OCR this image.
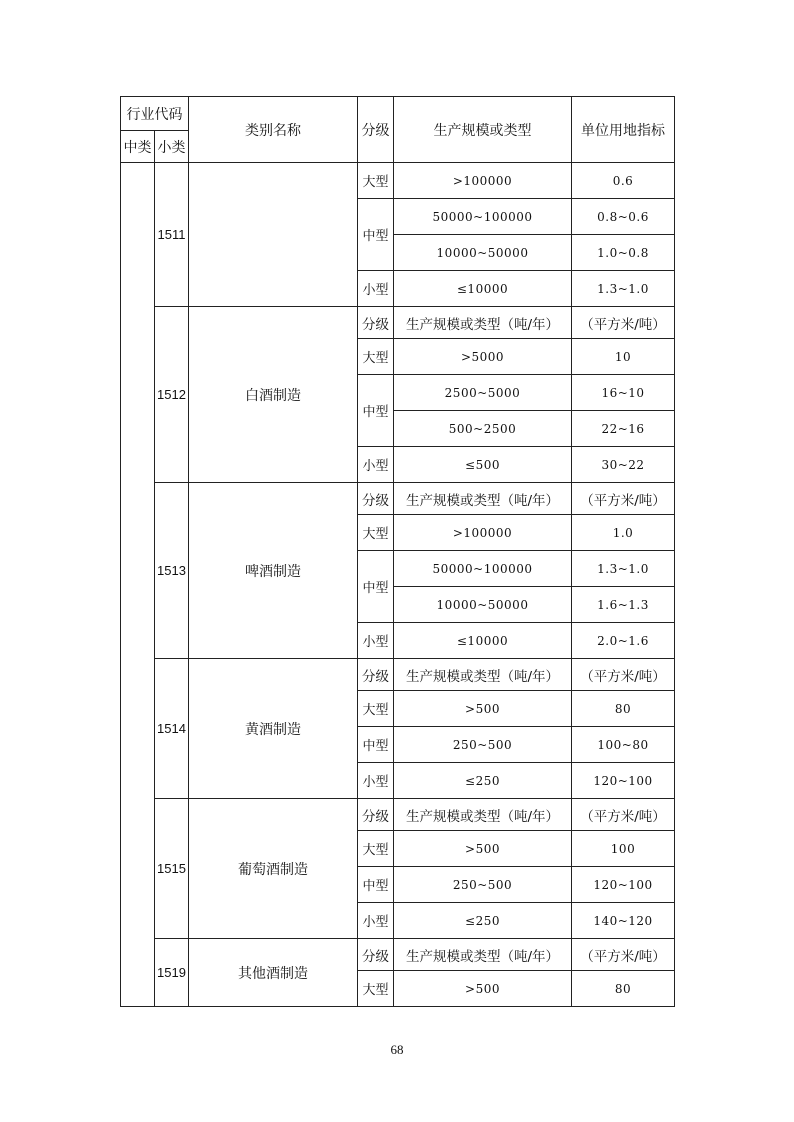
行业代码		类别名称	分级	生产规模或类型	单位用地指标
中类	小类				
	1511		大型	>100000	0.6
			中型	50000~100000	0.8~0.6
				10000~50000	1.0~0.8
			小型	≤10000	1.3~1.0
	1512	白酒制造	分级	生产规模或类型（吨/年）	（平方米/吨）
			大型	>5000	10
			中型	2500~5000	16~10
				500~2500	22~16
			小型	≤500	30~22
	1513	啤酒制造	分级	生产规模或类型（吨/年）	（平方米/吨）
			大型	>100000	1.0
			中型	50000~100000	1.3~1.0
				10000~50000	1.6~1.3
			小型	≤10000	2.0~1.6
	1514	黄酒制造	分级	生产规模或类型（吨/年）	（平方米/吨）
			大型	>500	80
			中型	250~500	100~80
			小型	≤250	120~100
	1515	葡萄酒制造	分级	生产规模或类型（吨/年）	（平方米/吨）
			大型	>500	100
			中型	250~500	120~100
			小型	≤250	140~120
	1519	其他酒制造	分级	生产规模或类型（吨/年）	（平方米/吨）
			大型	>500	80
68
